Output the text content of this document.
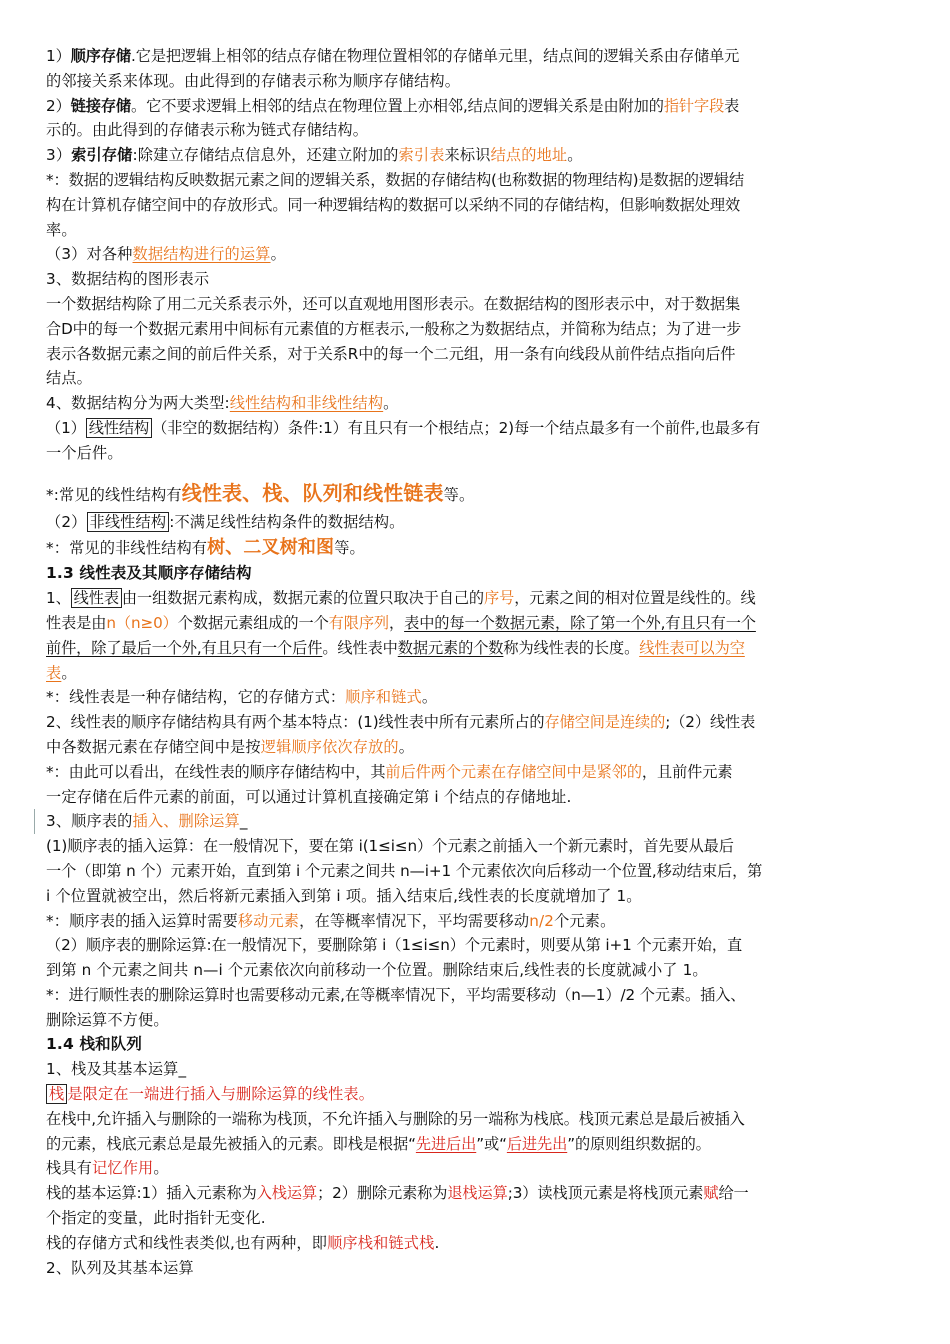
1）顺序存储.它是把逻辑上相邻的结点存储在物理位置相邻的存储单元里，结点间的逻辑关系由存储单元
的邻接关系来体现。由此得到的存储表示称为顺序存储结构。
2）链接存储。它不要求逻辑上相邻的结点在物理位置上亦相邻,结点间的逻辑关系是由附加的指针字段表
示的。由此得到的存储表示称为链式存储结构。
3）索引存储:除建立存储结点信息外，还建立附加的索引表来标识结点的地址。
*：数据的逻辑结构反映数据元素之间的逻辑关系，数据的存储结构(也称数据的物理结构)是数据的逻辑结
构在计算机存储空间中的存放形式。同一种逻辑结构的数据可以采纳不同的存储结构，但影响数据处理效
率。
（3）对各种数据结构进行的运算。
3、数据结构的图形表示
一个数据结构除了用二元关系表示外，还可以直观地用图形表示。在数据结构的图形表示中，对于数据集
合D中的每一个数据元素用中间标有元素值的方框表示,一般称之为数据结点，并简称为结点；为了进一步
表示各数据元素之间的前后件关系，对于关系R中的每一个二元组，用一条有向线段从前件结点指向后件
结点。
4、数据结构分为两大类型:线性结构和非线性结构。
（1） 线性结构 （非空的数据结构）条件:1）有且只有一个根结点；2)每一个结点最多有一个前件,也最多有
一个后件。
*:常见的线性结构有线性表、栈、队列和线性链表等。
（2） 非线性结构 :不满足线性结构条件的数据结构。
*：常见的非线性结构有树、二叉树和图等。
1.3 线性表及其顺序存储结构
1、 线性表 由一组数据元素构成，数据元素的位置只取决于自己的序号，元素之间的相对位置是线性的。线
性表是由n（n≥0）个数据元素组成的一个有限序列，表中的每一个数据元素，除了第一个外,有且只有一个
前件，除了最后一个外,有且只有一个后件。线性表中数据元素的个数称为线性表的长度。线性表可以为空
表。
*：线性表是一种存储结构，它的存储方式：顺序和链式。
2、线性表的顺序存储结构具有两个基本特点：(1)线性表中所有元素所占的存储空间是连续的;（2）线性表
中各数据元素在存储空间中是按逻辑顺序依次存放的。
*：由此可以看出，在线性表的顺序存储结构中，其前后件两个元素在存储空间中是紧邻的，且前件元素
一定存储在后件元素的前面，可以通过计算机直接确定第 i 个结点的存储地址.
3、顺序表的插入、删除运算_
(1)顺序表的插入运算：在一般情况下，要在第 i(1≤i≤n）个元素之前插入一个新元素时，首先要从最后
一个（即第 n 个）元素开始，直到第 i 个元素之间共 n—i+1 个元素依次向后移动一个位置,移动结束后，第
i 个位置就被空出，然后将新元素插入到第 i 项。插入结束后,线性表的长度就增加了 1。
*：顺序表的插入运算时需要移动元素，在等概率情况下，平均需要移动n/2个元素。
（2）顺序表的删除运算:在一般情况下，要删除第 i（1≤i≤n）个元素时，则要从第 i+1 个元素开始，直
到第 n 个元素之间共 n—i 个元素依次向前移动一个位置。删除结束后,线性表的长度就减小了 1。
*：进行顺性表的删除运算时也需要移动元素,在等概率情况下，平均需要移动（n—1）/2 个元素。插入、
删除运算不方便。
1.4 栈和队列
1、栈及其基本运算_
栈 是限定在一端进行插入与删除运算的线性表。
在栈中,允许插入与删除的一端称为栈顶，不允许插入与删除的另一端称为栈底。栈顶元素总是最后被插入
的元素，栈底元素总是最先被插入的元素。即栈是根据“先进后出”或“后进先出”的原则组织数据的。
栈具有记忆作用。
栈的基本运算:1）插入元素称为入栈运算；2）删除元素称为退栈运算;3）读栈顶元素是将栈顶元素赋给一
个指定的变量，此时指针无变化.
栈的存储方式和线性表类似,也有两种，即顺序栈和链式栈.
2、队列及其基本运算
